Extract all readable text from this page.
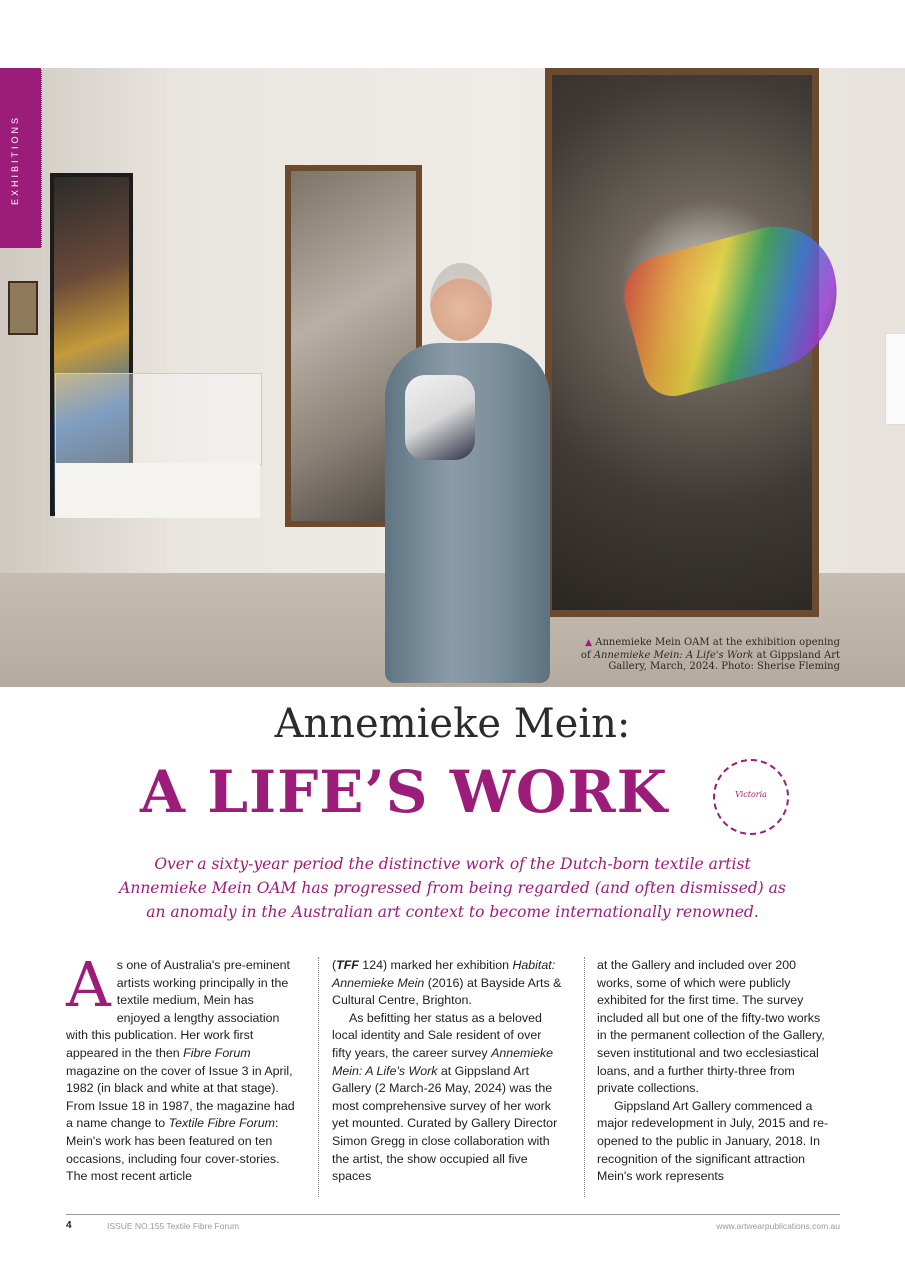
▲ Annemieke Mein OAM at the exhibition opening
of Annemieke Mein: A Life's Work at Gippsland Art
Gallery, March, 2024. Photo: Sherise Fleming
EXHIBITIONS
Annemieke Mein:
A LIFE’S WORK	Victoria

Over a sixty-year period the distinctive work of the Dutch-born textile artist Annemieke Mein OAM has progressed from being regarded (and often dismissed) as an anomaly in the Australian art context to become internationally renowned.

As one of Australia's pre-eminent artists working principally in the textile medium, Mein has enjoyed a lengthy association with this publication. Her work first appeared in the then Fibre Forum magazine on the cover of Issue 3 in April, 1982 (in black and white at that stage). From Issue 18 in 1987, the magazine had a name change to Textile Fibre Forum: Mein's work has been featured on ten occasions, including four cover-stories. The most recent article

(TFF 124) marked her exhibition Habitat: Annemieke Mein (2016) at Bayside Arts & Cultural Centre, Brighton.

As befitting her status as a beloved local identity and Sale resident of over fifty years, the career survey Annemieke Mein: A Life's Work at Gippsland Art Gallery (2 March-26 May, 2024) was the most comprehensive survey of her work yet mounted. Curated by Gallery Director Simon Gregg in close collaboration with the artist, the show occupied all five spaces

at the Gallery and included over 200 works, some of which were publicly exhibited for the first time. The survey included all but one of the fifty-two works in the permanent collection of the Gallery, seven institutional and two ecclesiastical loans, and a further thirty-three from private collections.

Gippsland Art Gallery commenced a major redevelopment in July, 2015 and re-opened to the public in January, 2018. In recognition of the significant attraction Mein's work represents

4	ISSUE NO.155 Textile Fibre Forum	www.artwearpublications.com.au
